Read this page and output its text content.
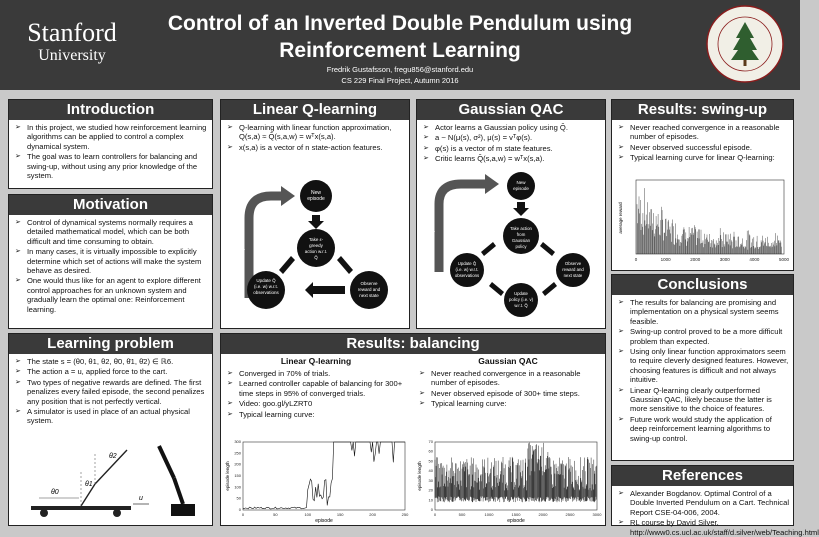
Stanford
University
Control of an Inverted Double Pendulum using Reinforcement Learning
Fredrik Gustafsson, fregu856@stanford.edu
CS 229 Final Project, Autumn 2016
Introduction
➢ In this project, we studied how reinforcement learning algorithms can be applied to control a complex dynamical system.
➢ The goal was to learn controllers for balancing and swing-up, without using any prior knowledge of the system.
Motivation
➢ Control of dynamical systems normally requires a detailed mathematical model, which can be both difficult and time consuming to obtain.
➢ In many cases, it is virtually impossible to explicitly determine which set of actions will make the system behave as desired.
➢ One would thus like for an agent to explore different control approaches for an unknown system and gradually learn the optimal one: Reinforcement learning.
Learning problem
➢ The state s = (θ0, θ1, θ2, θ̇0, θ̇1, θ̇2) ∈ ℝ6.
➢ The action a = u, applied force to the cart.
➢ Two types of negative rewards are defined. The first penalizes every failed episode, the second penalizes any position that is not perfectly vertical.
➢ A simulator is used in place of an actual physical system.
θ0
θ1
θ2
u
Linear Q-learning
➢ Q-learning with linear function approximation, Q(s,a) ≈ Q̂(s,a,w) = wᵀx(s,a).
➢ x(s,a) is a vector of n state-action features.
If failed episode
New
episode
Take ε-
greedy
action w.r.t.
Q̂
Observe
reward and
next state
Update Q̂
(i.e. w) w.r.t.
observations
Gaussian QAC
➢ Actor learns a Gaussian policy using Q̂.
➢ a ~ N(μ(s), σ²), μ(s) = vᵀφ(s).
➢ φ(s) is a vector of m state features.
➢ Critic learns Q̂(s,a,w) = wᵀx(s,a).
If failed episode
New
episode
Take action
from
Gaussian
policy
Observe
reward and
next state
Update
policy (i.e. v)
w.r.t. Q̂
Update Q̂
(i.e. w) w.r.t.
observations
Results: swing-up
➢ Never reached convergence in a reasonable number of episodes.
➢ Never observed successful episode.
➢ Typical learning curve for linear Q-learning:
average reward
0	1000	2000	3000	4000	5000
Conclusions
➢ The results for balancing are promising and implementation on a physical system seems feasible.
➢ Swing-up control proved to be a more difficult problem than expected.
➢ Using only linear function approximators seem to require cleverly designed features. However, choosing features is difficult and not always intuitive.
➢ Linear Q-learning clearly outperformed Gaussian QAC, likely because the latter is more sensitive to the choice of features.
➢ Future work would study the application of deep reinforcement learning algorithms to swing-up control.
References
➢ Alexander Bogdanov. Optimal Control of a Double Inverted Pendulum on a Cart. Technical Report CSE-04-006, 2004.
➢ RL course by David Silver. http://www0.cs.ucl.ac.uk/staff/d.silver/web/Teaching.html
Results: balancing
Linear Q-learning
➢ Converged in 70% of trials.
➢ Learned controller capable of balancing for 300+ time steps in 95% of converged trials.
➢ Video: goo.gl/yLZRT0
➢ Typical learning curve:
Gaussian QAC
➢ Never reached convergence in a reasonable number of episodes.
➢ Never observed episode of 300+ time steps.
➢ Typical learning curve:
episode length
episode
0	50	100	150	200	250
0
50
100
150
200
250
300
episode length
episode
0	500	1000	1500	2000	2500	3000
0
10
20
30
40
50
60
70
